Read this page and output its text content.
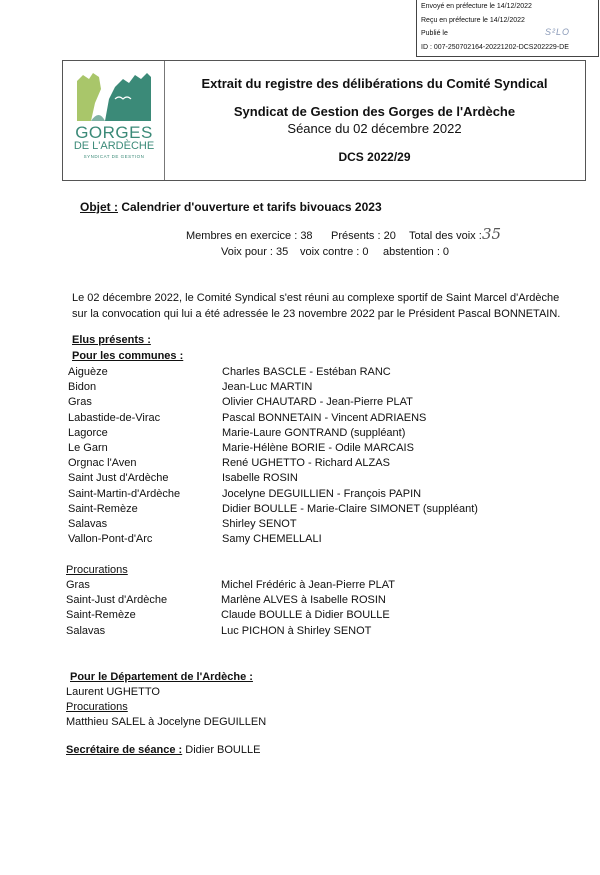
Envoyé en préfecture le 14/12/2022
Reçu en préfecture le 14/12/2022
Publié le	S²LO
ID : 007-250702164-20221202-DCS202229-DE
GORGES
DE L'ARDÈCHE
SYNDICAT DE GESTION
Extrait du registre des délibérations du Comité Syndical
Syndicat de Gestion des Gorges de l'Ardèche
Séance du 02 décembre 2022
DCS 2022/29
Objet : Calendrier d'ouverture et tarifs bivouacs 2023
Membres en exercice : 38 Présents : 20 Total des voix : 35
Voix pour : 35 voix contre : 0 abstention : 0
Le 02 décembre 2022, le Comité Syndical s'est réuni au complexe sportif de Saint Marcel d'Ardèche
sur la convocation qui lui a été adressée le 23 novembre 2022 par le Président Pascal BONNETAIN.
Elus présents :
Pour les communes :
Aiguèze	Charles BASCLE - Estéban RANC
Bidon	Jean-Luc MARTIN
Gras	Olivier CHAUTARD - Jean-Pierre PLAT
Labastide-de-Virac	Pascal BONNETAIN - Vincent ADRIAENS
Lagorce	Marie-Laure GONTRAND (suppléant)
Le Garn	Marie-Hélène BORIE - Odile MARCAIS
Orgnac l'Aven	René UGHETTO - Richard ALZAS
Saint Just d'Ardèche	Isabelle ROSIN
Saint-Martin-d'Ardèche	Jocelyne DEGUILLIEN - François PAPIN
Saint-Remèze	Didier BOULLE - Marie-Claire SIMONET (suppléant)
Salavas	Shirley SENOT
Vallon-Pont-d'Arc	Samy CHEMELLALI
Procurations
Gras	Michel Frédéric à Jean-Pierre PLAT
Saint-Just d'Ardèche	Marlène ALVES à Isabelle ROSIN
Saint-Remèze	Claude BOULLE à Didier BOULLE
Salavas	Luc PICHON à Shirley SENOT
Pour le Département de l'Ardèche :
Laurent UGHETTO
Procurations
Matthieu SALEL à Jocelyne DEGUILLEN
Secrétaire de séance : Didier BOULLE
